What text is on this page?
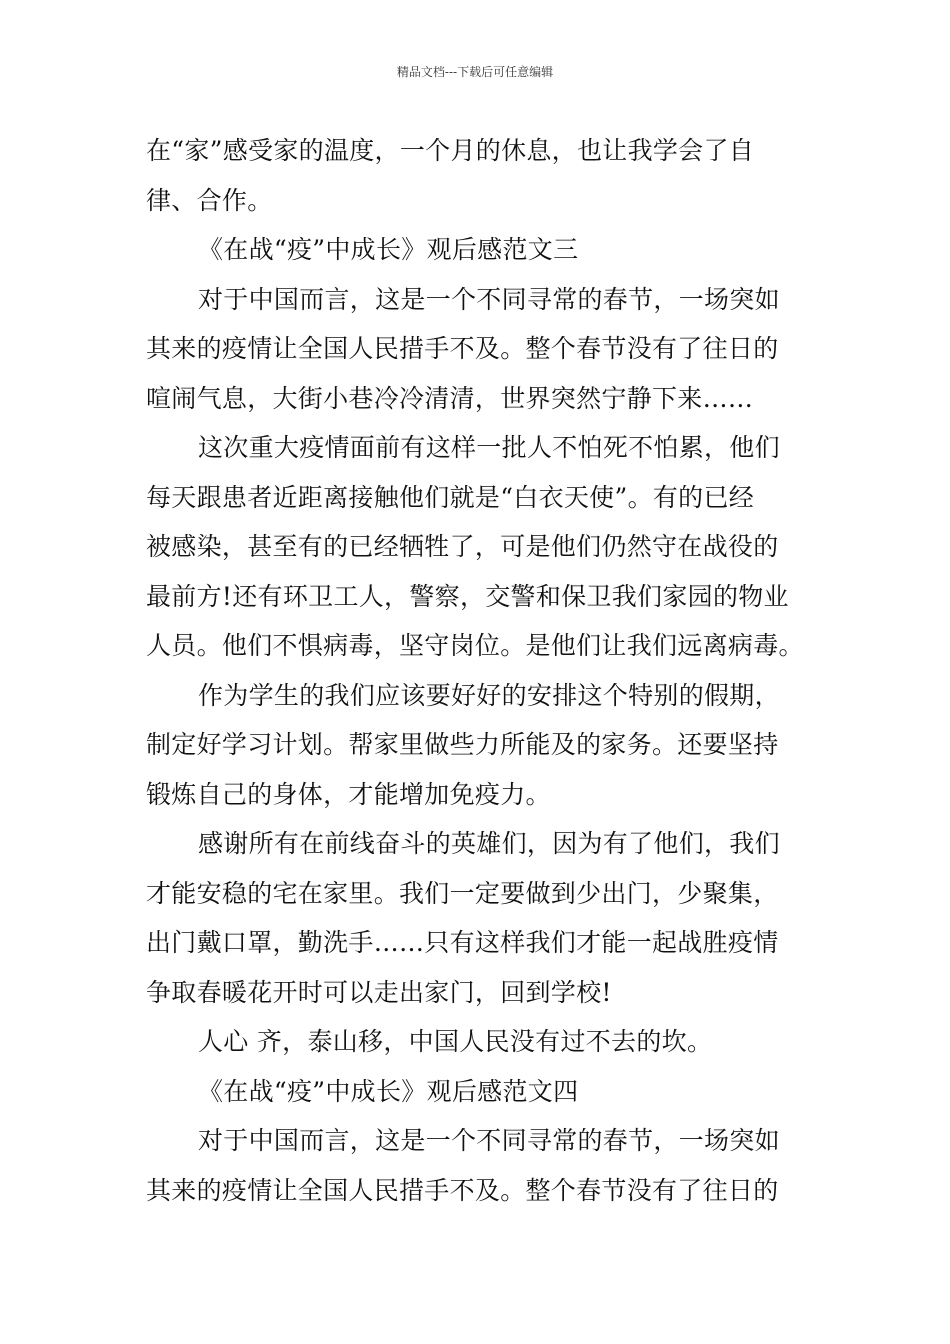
精品文档---下载后可任意编辑
在“家”感受家的温度，一个月的休息，也让我学会了自
律、合作。
《在战“疫”中成长》观后感范文三
对于中国而言，这是一个不同寻常的春节，一场突如
其来的疫情让全国人民措手不及。整个春节没有了往日的
喧闹气息，大街小巷冷冷清清，世界突然宁静下来……
这次重大疫情面前有这样一批人不怕死不怕累，他们
每天跟患者近距离接触他们就是“白衣天使”。有的已经
被感染，甚至有的已经牺牲了，可是他们仍然守在战役的
最前方!还有环卫工人，警察，交警和保卫我们家园的物业
人员。他们不惧病毒，坚守岗位。是他们让我们远离病毒。
作为学生的我们应该要好好的安排这个特别的假期，
制定好学习计划。帮家里做些力所能及的家务。还要坚持
锻炼自己的身体，才能增加免疫力。
感谢所有在前线奋斗的英雄们，因为有了他们，我们
才能安稳的宅在家里。我们一定要做到少出门，少聚集，
出门戴口罩，勤洗手……只有这样我们才能一起战胜疫情
争取春暖花开时可以走出家门，回到学校!
人心 齐，泰山移，中国人民没有过不去的坎。
《在战“疫”中成长》观后感范文四
对于中国而言，这是一个不同寻常的春节，一场突如
其来的疫情让全国人民措手不及。整个春节没有了往日的
